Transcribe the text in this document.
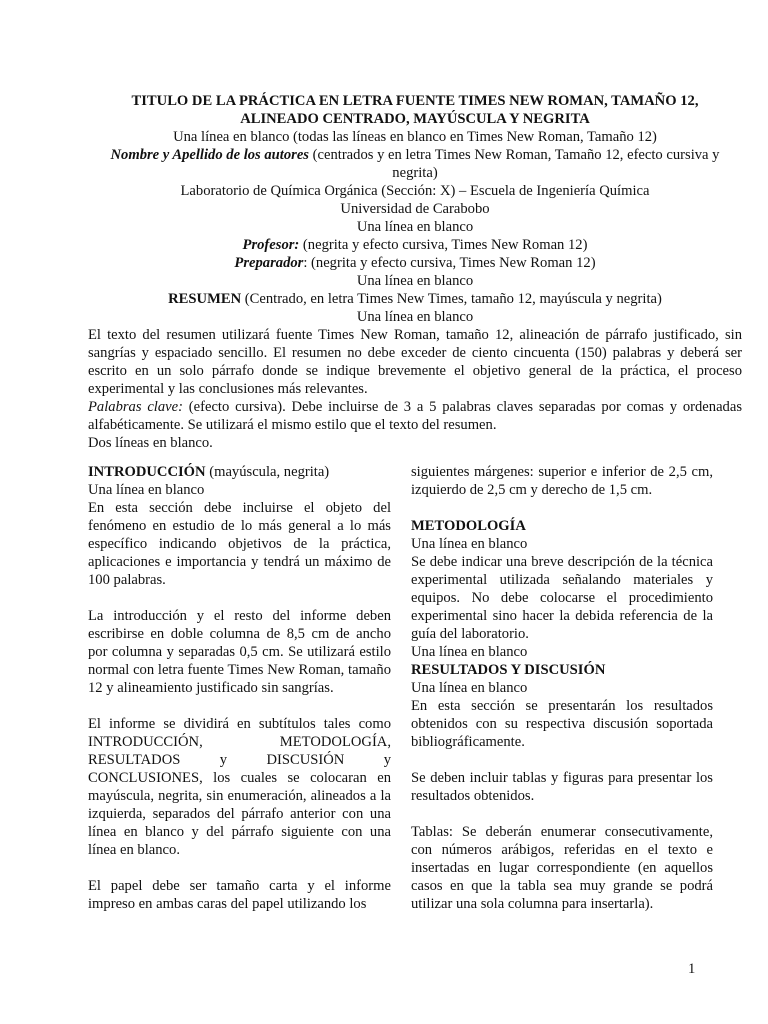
TITULO DE LA PRÁCTICA EN LETRA FUENTE TIMES NEW ROMAN, TAMAÑO 12,
ALINEADO CENTRADO, MAYÚSCULA Y NEGRITA
Una línea en blanco (todas las líneas en blanco en Times New Roman, Tamaño 12)
Nombre y Apellido de los autores (centrados y en letra Times New Roman, Tamaño 12, efecto cursiva y negrita)
Laboratorio de Química Orgánica (Sección: X) – Escuela de Ingeniería Química
Universidad de Carabobo
Una línea en blanco
Profesor: (negrita y efecto cursiva, Times New Roman 12)
Preparador: (negrita y efecto cursiva, Times New Roman 12)
Una línea en blanco
RESUMEN (Centrado, en letra Times New Times, tamaño 12, mayúscula y negrita)
Una línea en blanco
El texto del resumen utilizará fuente Times New Roman, tamaño 12, alineación de párrafo justificado, sin sangrías y espaciado sencillo. El resumen no debe exceder de ciento cincuenta (150) palabras y deberá ser escrito en un solo párrafo donde se indique brevemente el objetivo general de la práctica, el proceso experimental y las conclusiones más relevantes.
Palabras clave: (efecto cursiva). Debe incluirse de 3 a 5 palabras claves separadas por comas y ordenadas alfabéticamente. Se utilizará el mismo estilo que el texto del resumen.
Dos líneas en blanco.
INTRODUCCIÓN (mayúscula, negrita)
Una línea en blanco

En esta sección debe incluirse el objeto del fenómeno en estudio de lo más general a lo más específico indicando objetivos de la práctica, aplicaciones e importancia y tendrá un máximo de 100 palabras.

La introducción y el resto del informe deben escribirse en doble columna de 8,5 cm de ancho por columna y separadas 0,5 cm. Se utilizará estilo normal con letra fuente Times New Roman, tamaño 12 y alineamiento justificado sin sangrías.

El informe se dividirá en subtítulos tales como INTRODUCCIÓN, METODOLOGÍA, RESULTADOS y DISCUSIÓN y CONCLUSIONES, los cuales se colocaran en mayúscula, negrita, sin enumeración, alineados a la izquierda, separados del párrafo anterior con una línea en blanco y del párrafo siguiente con una línea en blanco.

El papel debe ser tamaño carta y el informe impreso en ambas caras del papel utilizando los

siguientes márgenes: superior e inferior de 2,5 cm, izquierdo de 2,5 cm y derecho de 1,5 cm.

METODOLOGÍA
Una línea en blanco

Se debe indicar una breve descripción de la técnica experimental utilizada señalando materiales y equipos. No debe colocarse el procedimiento experimental sino hacer la debida referencia de la guía del laboratorio.

Una línea en blanco
RESULTADOS Y DISCUSIÓN
Una línea en blanco

En esta sección se presentarán los resultados obtenidos con su respectiva discusión soportada bibliográficamente.

Se deben incluir tablas y figuras para presentar los resultados obtenidos.

Tablas: Se deberán enumerar consecutivamente, con números arábigos, referidas en el texto e insertadas en lugar correspondiente (en aquellos casos en que la tabla sea muy grande se podrá utilizar una sola columna para insertarla).

1
